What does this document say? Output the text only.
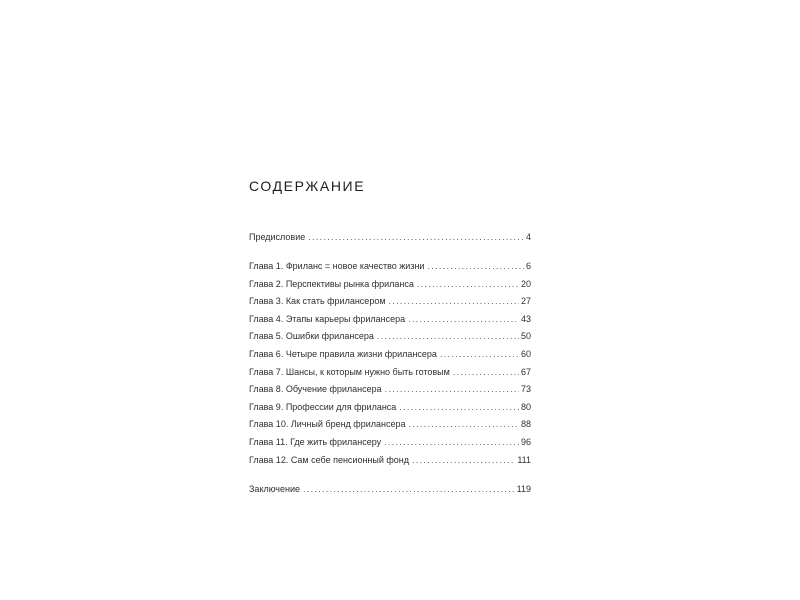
СОДЕРЖАНИЕ
Предисловие . . .	4
Глава 1. Фриланс = новое качество жизни . . .	6
Глава 2. Перспективы рынка фриланса . . .	20
Глава 3. Как стать фрилансером . . .	27
Глава 4. Этапы карьеры фрилансера . . .	43
Глава 5. Ошибки фрилансера . . .	50
Глава 6. Четыре правила жизни фрилансера . . .	60
Глава 7. Шансы, к которым нужно быть готовым . . .	67
Глава 8. Обучение фрилансера . . .	73
Глава 9. Профессии для фриланса . . .	80
Глава 10. Личный бренд фрилансера . . .	88
Глава 11. Где жить фрилансеру . . .	96
Глава 12. Сам себе пенсионный фонд . . .	111
Заключение . . .	119
